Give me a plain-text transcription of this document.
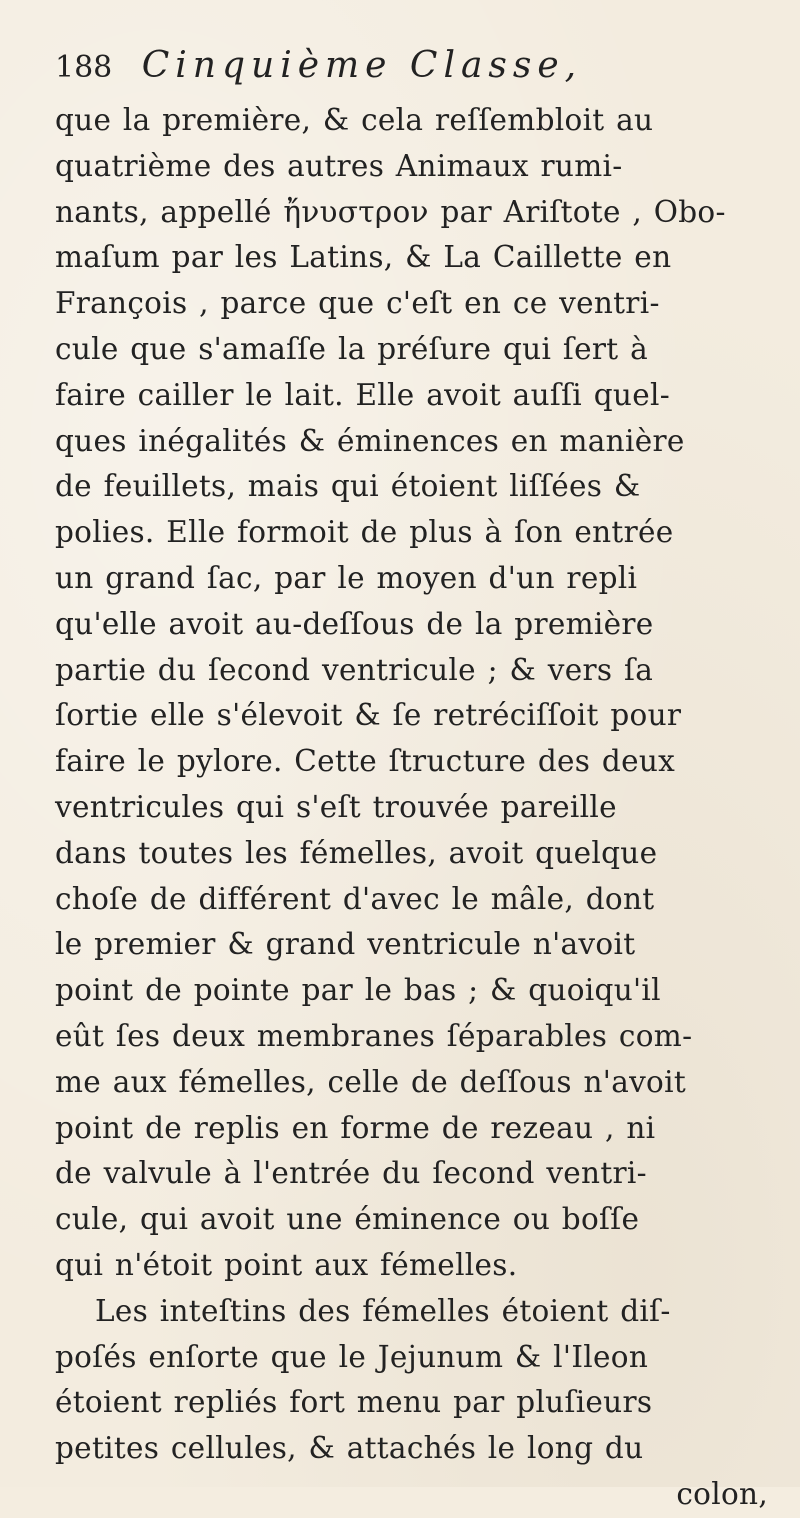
188 Cinquième Classe,
que la première, & cela reſſembloit au
quatrième des autres Animaux rumi-
nants, appellé ἤνυστρον par Ariſtote , Obo-
maſum par les Latins, & La Caillette en
François , parce que c'eſt en ce ventri-
cule que s'amaſſe la préſure qui ſert à
faire cailler le lait. Elle avoit auſſi quel-
ques inégalités & éminences en manière
de feuillets, mais qui étoient liſſées &
polies. Elle formoit de plus à ſon entrée
un grand ſac, par le moyen d'un repli
qu'elle avoit au-deſſous de la première
partie du ſecond ventricule ; & vers ſa
ſortie elle s'élevoit & ſe retréciſſoit pour
faire le pylore. Cette ſtructure des deux
ventricules qui s'eſt trouvée pareille
dans toutes les fémelles, avoit quelque
choſe de différent d'avec le mâle, dont
le premier & grand ventricule n'avoit
point de pointe par le bas ; & quoiqu'il
eût ſes deux membranes ſéparables com-
me aux fémelles, celle de deſſous n'avoit
point de replis en forme de rezeau , ni
de valvule à l'entrée du ſecond ventri-
cule, qui avoit une éminence ou boſſe
qui n'étoit point aux fémelles.
Les inteſtins des fémelles étoient diſ-
poſés enſorte que le Jejunum & l'Ileon
étoient repliés fort menu par pluſieurs
petites cellules, & attachés le long du
colon,
